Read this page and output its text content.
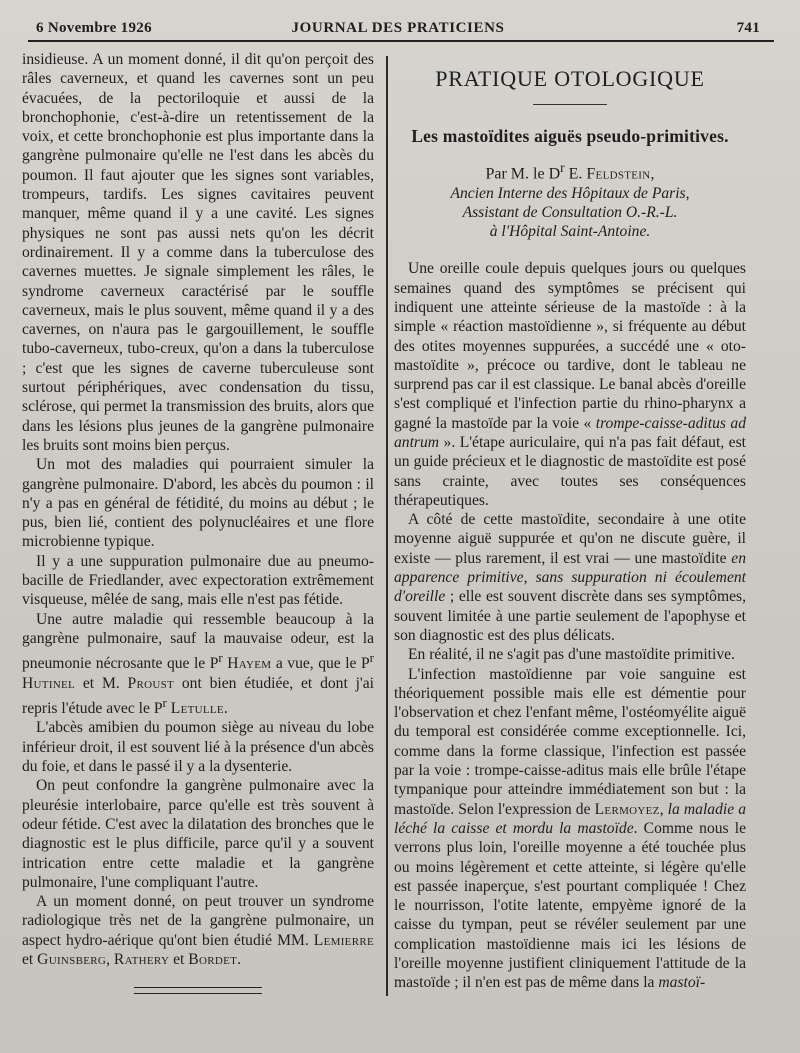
6 Novembre 1926	JOURNAL DES PRATICIENS	741

insidieuse. A un moment donné, il dit qu'on perçoit des râles caverneux, et quand les cavernes sont un peu évacuées, de la pectoriloquie et aussi de la bronchophonie, c'est-à-dire un retentissement de la voix, et cette bronchophonie est plus importante dans la gangrène pulmonaire qu'elle ne l'est dans les abcès du poumon. Il faut ajouter que les signes sont variables, trompeurs, tardifs. Les signes cavitaires peuvent manquer, même quand il y a une cavité. Les signes physiques ne sont pas aussi nets qu'on les décrit ordinairement. Il y a comme dans la tuberculose des cavernes muettes. Je signale simplement les râles, le syndrome caverneux caractérisé par le souffle caverneux, mais le plus souvent, même quand il y a des cavernes, on n'aura pas le gargouillement, le souffle tubo-caverneux, tubo-creux, qu'on a dans la tuberculose ; c'est que les signes de caverne tuberculeuse sont surtout périphériques, avec condensation du tissu, sclérose, qui permet la transmission des bruits, alors que dans les lésions plus jeunes de la gangrène pulmonaire les bruits sont moins bien perçus.

Un mot des maladies qui pourraient simuler la gangrène pulmonaire. D'abord, les abcès du poumon : il n'y a pas en général de fétidité, du moins au début ; le pus, bien lié, contient des polynucléaires et une flore microbienne typique.

Il y a une suppuration pulmonaire due au pneumo-bacille de Friedlander, avec expectoration extrêmement visqueuse, mêlée de sang, mais elle n'est pas fétide.

Une autre maladie qui ressemble beaucoup à la gangrène pulmonaire, sauf la mauvaise odeur, est la pneumonie nécrosante que le $P^r$ Hayem a vue, que le $P^r$ Hutinel et M. Proust ont bien étudiée, et dont j'ai repris l'étude avec le $P^r$ Letulle.

L'abcès amibien du poumon siège au niveau du lobe inférieur droit, il est souvent lié à la présence d'un abcès du foie, et dans le passé il y a la dysenterie.

On peut confondre la gangrène pulmonaire avec la pleurésie interlobaire, parce qu'elle est très souvent à odeur fétide. C'est avec la dilatation des bronches que le diagnostic est le plus difficile, parce qu'il y a souvent intrication entre cette maladie et la gangrène pulmonaire, l'une compliquant l'autre.

A un moment donné, on peut trouver un syndrome radiologique très net de la gangrène pulmonaire, un aspect hydro-aérique qu'ont bien étudié MM. Lemierre et Guinsberg, Rathery et Bordet.

PRATIQUE OTOLOGIQUE
Les mastoïdites aiguës pseudo-primitives.

Par M. le $D^r$ E. Feldstein,

Ancien Interne des Hôpitaux de Paris,

Assistant de Consultation O.-R.-L.

à l'Hôpital Saint-Antoine.

Une oreille coule depuis quelques jours ou quelques semaines quand des symptômes se précisent qui indiquent une atteinte sérieuse de la mastoïde : à la simple « réaction mastoïdienne », si fréquente au début des otites moyennes suppurées, a succédé une « oto-mastoïdite », précoce ou tardive, dont le tableau ne surprend pas car il est classique. Le banal abcès d'oreille s'est compliqué et l'infection partie du rhino-pharynx a gagné la mastoïde par la voie « trompe-caisse-aditus ad antrum ». L'étape auriculaire, qui n'a pas fait défaut, est un guide précieux et le diagnostic de mastoïdite est posé sans crainte, avec toutes ses conséquences thérapeutiques.

A côté de cette mastoïdite, secondaire à une otite moyenne aiguë suppurée et qu'on ne discute guère, il existe — plus rarement, il est vrai — une mastoïdite en apparence primitive, sans suppuration ni écoulement d'oreille ; elle est souvent discrète dans ses symptômes, souvent limitée à une partie seulement de l'apophyse et son diagnostic est des plus délicats.

En réalité, il ne s'agit pas d'une mastoïdite primitive.

L'infection mastoïdienne par voie sanguine est théoriquement possible mais elle est démentie pour l'observation et chez l'enfant même, l'ostéomyélite aiguë du temporal est considérée comme exceptionnelle. Ici, comme dans la forme classique, l'infection est passée par la voie : trompe-caisse-aditus mais elle brûle l'étape tympanique pour atteindre immédiatement son but : la mastoïde. Selon l'expression de Lermoyez, la maladie a léché la caisse et mordu la mastoïde. Comme nous le verrons plus loin, l'oreille moyenne a été touchée plus ou moins légèrement et cette atteinte, si légère qu'elle est passée inaperçue, s'est pourtant compliquée ! Chez le nourrisson, l'otite latente, empyème ignoré de la caisse du tympan, peut se révéler seulement par une complication mastoïdienne mais ici les lésions de l'oreille moyenne justifient cliniquement l'attitude de la mastoïde ; il n'en est pas de même dans la mastoï-
